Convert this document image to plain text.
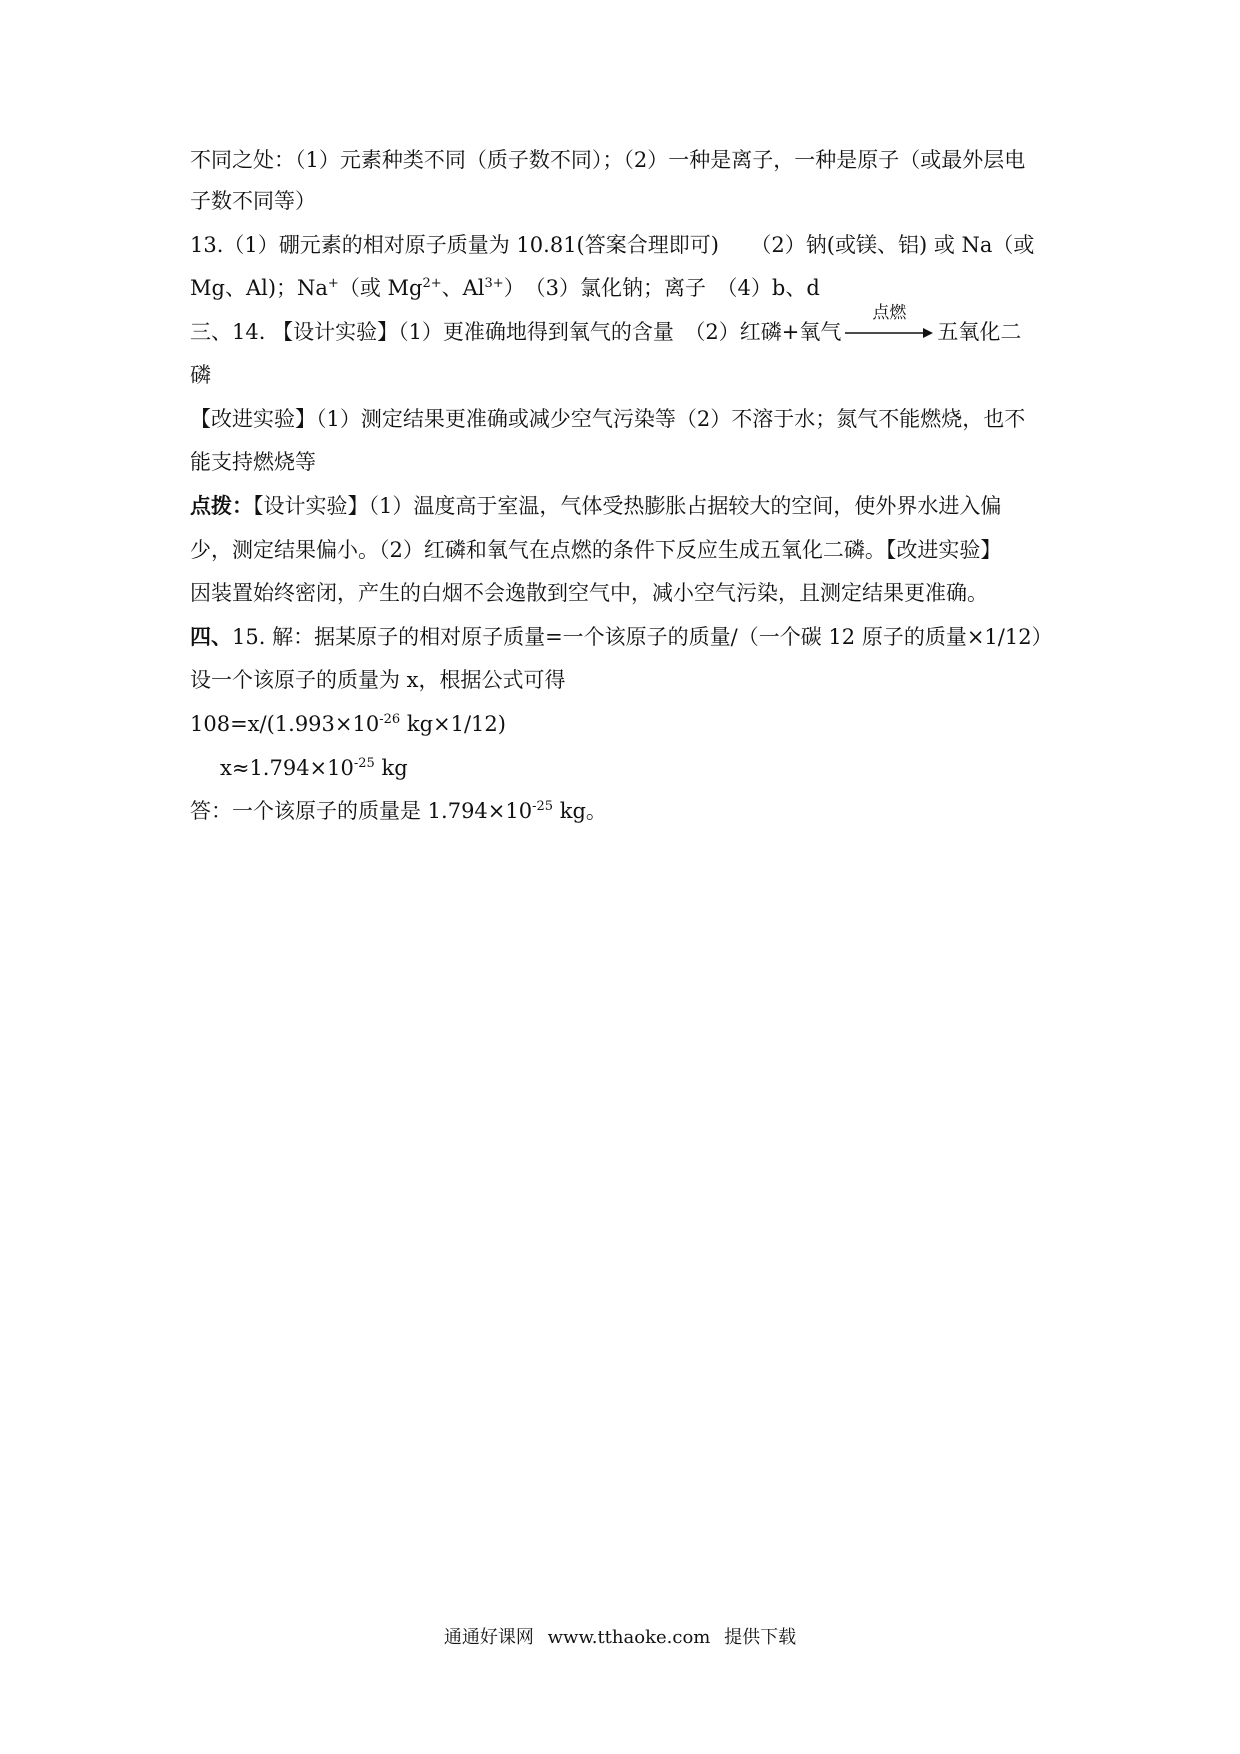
不同之处：（1）元素种类不同（质子数不同）；（2）一种是离子，一种是原子（或最外层电
子数不同等）
13.（1）硼元素的相对原子质量为 10.81(答案合理即可)　　（2）钠(或镁、铝) 或 Na（或
Mg、Al)；Na+（或 $Mg^{2+}$、$Al^{3+}$）　（3）氯化钠；离子　（4）b、d
三、14. 【设计实验】（1）更准确地得到氧气的含量　（2）红磷+氧气
点燃
五氧化二
磷
【改进实验】（1）测定结果更准确或减少空气污染等（2）不溶于水；氮气不能燃烧，也不
能支持燃烧等
点拨：【设计实验】（1）温度高于室温，气体受热膨胀占据较大的空间，使外界水进入偏
少，测定结果偏小。（2）红磷和氧气在点燃的条件下反应生成五氧化二磷。【改进实验】
因装置始终密闭，产生的白烟不会逸散到空气中，减小空气污染，且测定结果更准确。
四、15. 解：据某原子的相对原子质量=一个该原子的质量/（一个碳 12 原子的质量×1/12）
设一个该原子的质量为 x，根据公式可得
$108=x/(1.993\times 10^{-26}$ kg×1/12)
$x\approx 1.794\times 10^{-25}$ kg
答：一个该原子的质量是 $1.794\times 10^{-25}$ kg。
通通好课网 www.tthaoke.com 提供下载
